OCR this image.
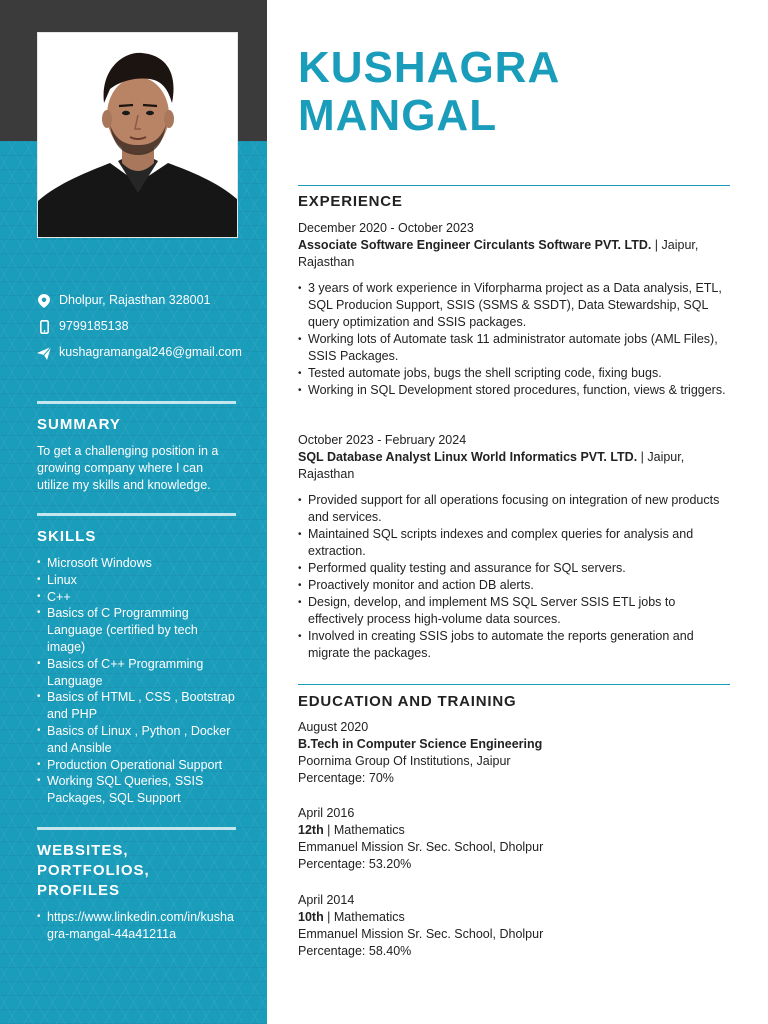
Dholpur, Rajasthan 328001
9799185138
kushagramangal246@gmail.com
SUMMARY
To get a challenging position in a growing company where I can utilize my skills and knowledge.
SKILLS
• Microsoft Windows
• Linux
• C++
• Basics of C Programming Language (certified by tech image)
• Basics of C++ Programming Language
• Basics of HTML , CSS , Bootstrap and PHP
• Basics of Linux , Python , Docker and Ansible
• Production Operational Support
• Working SQL Queries, SSIS Packages, SQL Support
WEBSITES, PORTFOLIOS, PROFILES
• https://www.linkedin.com/in/kushagra-mangal-44a41211a
KUSHAGRA
MANGAL
EXPERIENCE
December 2020 - October 2023
Associate Software Engineer Circulants Software PVT. LTD. | Jaipur, Rajasthan
• 3 years of work experience in Viforpharma project as a Data analysis, ETL, SQL Producion Support, SSIS (SSMS & SSDT), Data Stewardship, SQL query optimization and SSIS packages.
• Working lots of Automate task 11 administrator automate jobs (AML Files), SSIS Packages.
• Tested automate jobs, bugs the shell scripting code, fixing bugs.
• Working in SQL Development stored procedures, function, views & triggers.
October 2023 - February 2024
SQL Database Analyst Linux World Informatics PVT. LTD. | Jaipur, Rajasthan
• Provided support for all operations focusing on integration of new products and services.
• Maintained SQL scripts indexes and complex queries for analysis and extraction.
• Performed quality testing and assurance for SQL servers.
• Proactively monitor and action DB alerts.
• Design, develop, and implement MS SQL Server SSIS ETL jobs to effectively process high-volume data sources.
• Involved in creating SSIS jobs to automate the reports generation and migrate the packages.
EDUCATION AND TRAINING
August 2020
B.Tech in Computer Science Engineering
Poornima Group Of Institutions, Jaipur
Percentage: 70%
April 2016
12th | Mathematics
Emmanuel Mission Sr. Sec. School, Dholpur
Percentage: 53.20%
April 2014
10th | Mathematics
Emmanuel Mission Sr. Sec. School, Dholpur
Percentage: 58.40%
